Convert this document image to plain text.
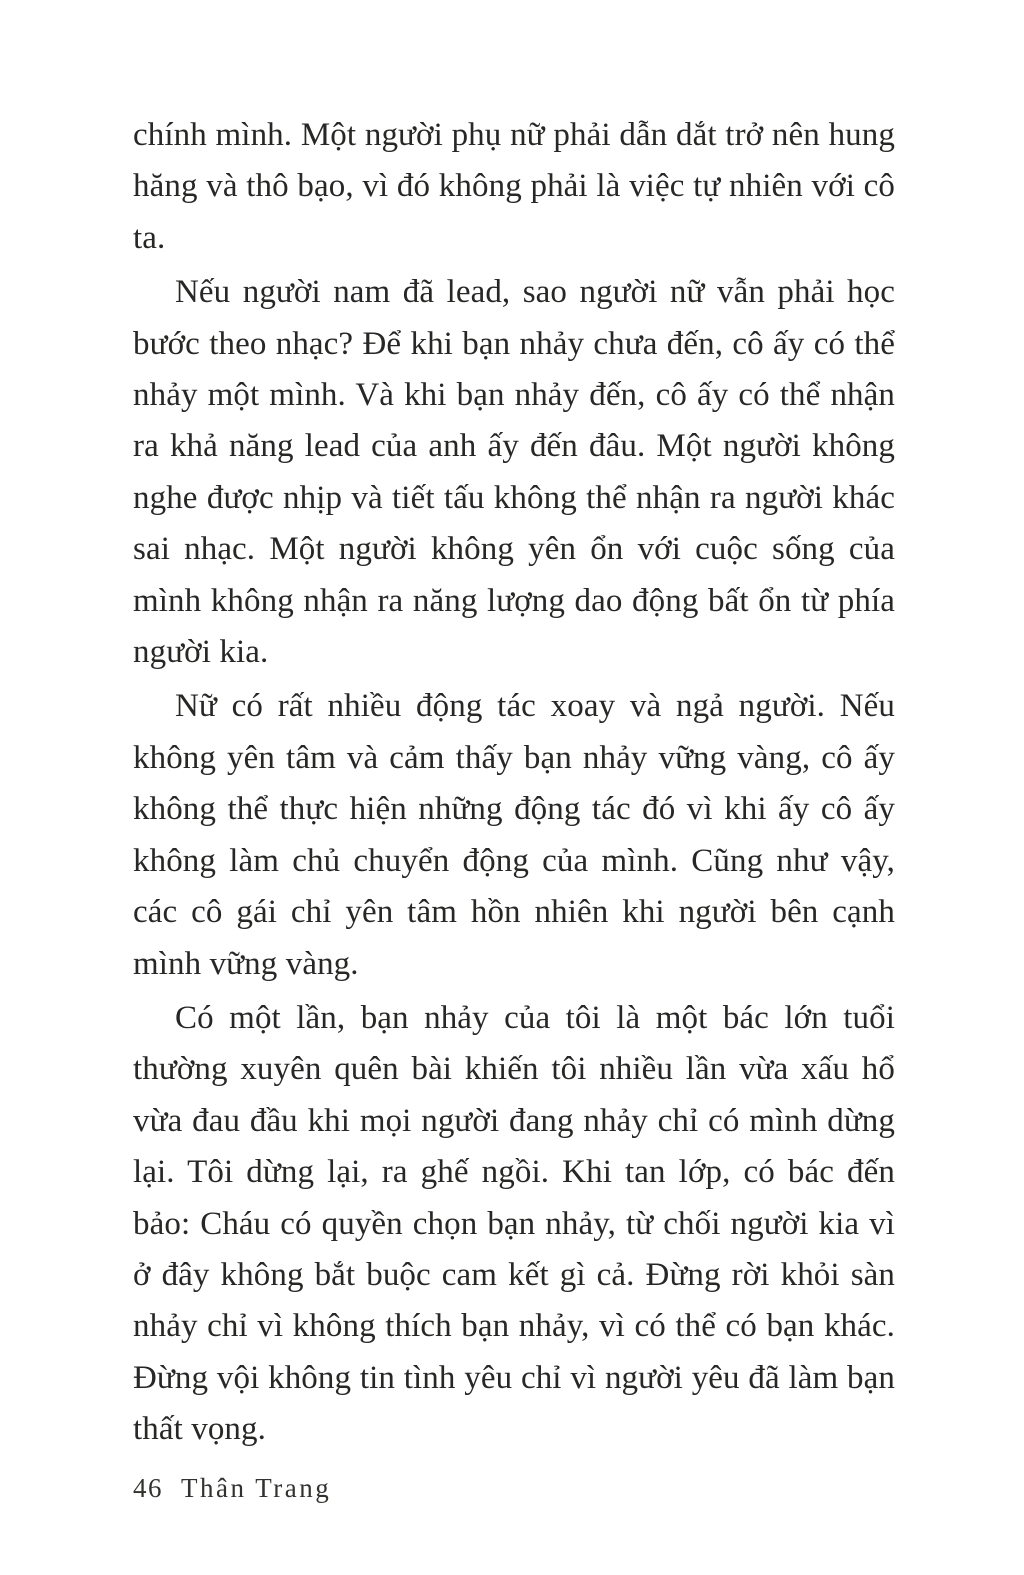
chính mình. Một người phụ nữ phải dẫn dắt trở nên hung hăng và thô bạo, vì đó không phải là việc tự nhiên với cô ta.

Nếu người nam đã lead, sao người nữ vẫn phải học bước theo nhạc? Để khi bạn nhảy chưa đến, cô ấy có thể nhảy một mình. Và khi bạn nhảy đến, cô ấy có thể nhận ra khả năng lead của anh ấy đến đâu. Một người không nghe được nhịp và tiết tấu không thể nhận ra người khác sai nhạc. Một người không yên ổn với cuộc sống của mình không nhận ra năng lượng dao động bất ổn từ phía người kia.

Nữ có rất nhiều động tác xoay và ngả người. Nếu không yên tâm và cảm thấy bạn nhảy vững vàng, cô ấy không thể thực hiện những động tác đó vì khi ấy cô ấy không làm chủ chuyển động của mình. Cũng như vậy, các cô gái chỉ yên tâm hồn nhiên khi người bên cạnh mình vững vàng.

Có một lần, bạn nhảy của tôi là một bác lớn tuổi thường xuyên quên bài khiến tôi nhiều lần vừa xấu hổ vừa đau đầu khi mọi người đang nhảy chỉ có mình dừng lại. Tôi dừng lại, ra ghế ngồi. Khi tan lớp, có bác đến bảo: Cháu có quyền chọn bạn nhảy, từ chối người kia vì ở đây không bắt buộc cam kết gì cả. Đừng rời khỏi sàn nhảy chỉ vì không thích bạn nhảy, vì có thể có bạn khác. Đừng vội không tin tình yêu chỉ vì người yêu đã làm bạn thất vọng.

46 Thân Trang
